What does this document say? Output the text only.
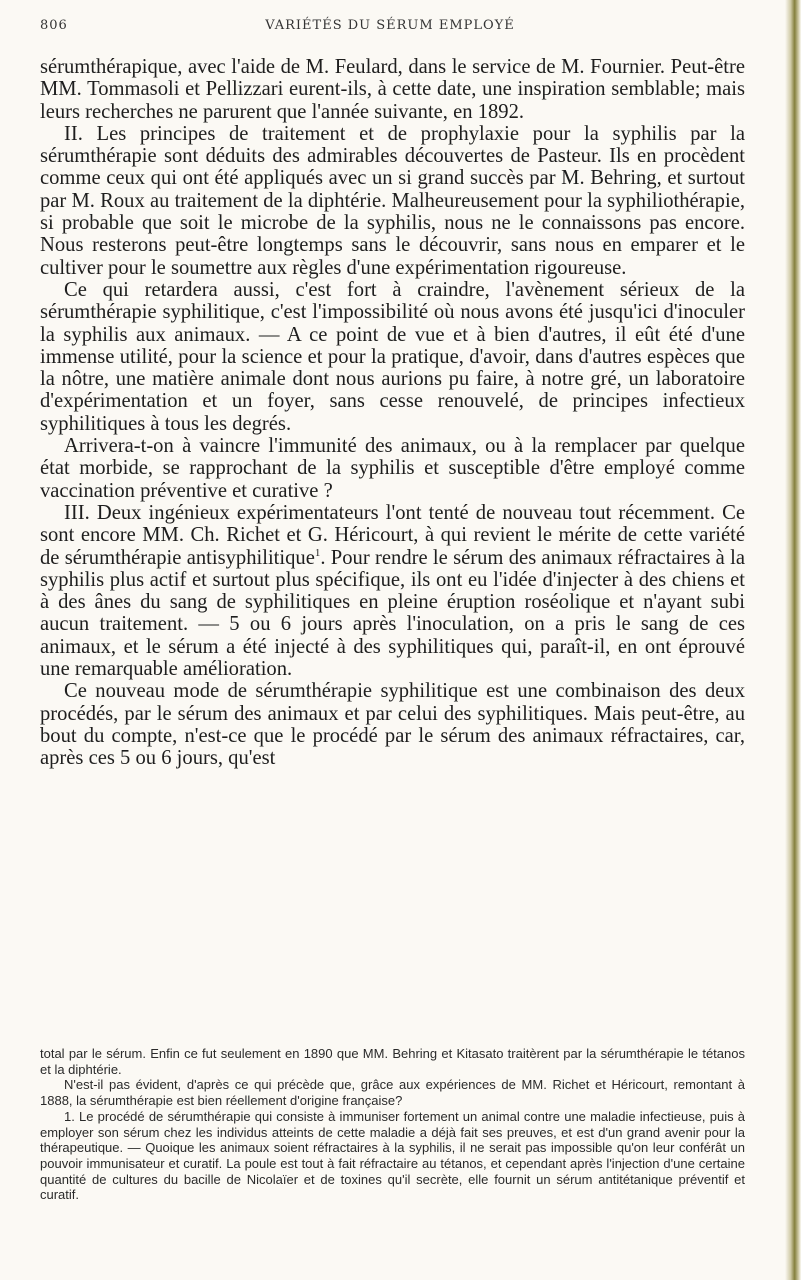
806	VARIÉTÉS DU SÉRUM EMPLOYÉ

sérumthérapique, avec l'aide de M. Feulard, dans le service de M. Fournier. Peut-être MM. Tommasoli et Pellizzari eurent-ils, à cette date, une inspiration semblable; mais leurs recherches ne parurent que l'année suivante, en 1892.

II. Les principes de traitement et de prophylaxie pour la syphilis par la sérumthérapie sont déduits des admirables découvertes de Pasteur. Ils en procèdent comme ceux qui ont été appliqués avec un si grand succès par M. Behring, et surtout par M. Roux au traitement de la diphtérie. Malheureusement pour la syphiliothérapie, si probable que soit le microbe de la syphilis, nous ne le connaissons pas encore. Nous resterons peut-être longtemps sans le découvrir, sans nous en emparer et le cultiver pour le soumettre aux règles d'une expérimentation rigoureuse.

Ce qui retardera aussi, c'est fort à craindre, l'avènement sérieux de la sérumthérapie syphilitique, c'est l'impossibilité où nous avons été jusqu'ici d'inoculer la syphilis aux animaux. — A ce point de vue et à bien d'autres, il eût été d'une immense utilité, pour la science et pour la pratique, d'avoir, dans d'autres espèces que la nôtre, une matière animale dont nous aurions pu faire, à notre gré, un laboratoire d'expérimentation et un foyer, sans cesse renouvelé, de principes infectieux syphilitiques à tous les degrés.

Arrivera-t-on à vaincre l'immunité des animaux, ou à la remplacer par quelque état morbide, se rapprochant de la syphilis et susceptible d'être employé comme vaccination préventive et curative ?

III. Deux ingénieux expérimentateurs l'ont tenté de nouveau tout récemment. Ce sont encore MM. Ch. Richet et G. Héricourt, à qui revient le mérite de cette variété de sérumthérapie antisyphilitique$^1$. Pour rendre le sérum des animaux réfractaires à la syphilis plus actif et surtout plus spécifique, ils ont eu l'idée d'injecter à des chiens et à des ânes du sang de syphilitiques en pleine éruption roséolique et n'ayant subi aucun traitement. — 5 ou 6 jours après l'inoculation, on a pris le sang de ces animaux, et le sérum a été injecté à des syphilitiques qui, paraît-il, en ont éprouvé une remarquable amélioration.

Ce nouveau mode de sérumthérapie syphilitique est une combinaison des deux procédés, par le sérum des animaux et par celui des syphilitiques. Mais peut-être, au bout du compte, n'est-ce que le procédé par le sérum des animaux réfractaires, car, après ces 5 ou 6 jours, qu'est

total par le sérum. Enfin ce fut seulement en 1890 que MM. Behring et Kitasato traitèrent par la sérumthérapie le tétanos et la diphtérie.

N'est-il pas évident, d'après ce qui précède que, grâce aux expériences de MM. Richet et Héricourt, remontant à 1888, la sérumthérapie est bien réellement d'origine française?

1. Le procédé de sérumthérapie qui consiste à immuniser fortement un animal contre une maladie infectieuse, puis à employer son sérum chez les individus atteints de cette maladie a déjà fait ses preuves, et est d'un grand avenir pour la thérapeutique. — Quoique les animaux soient réfractaires à la syphilis, il ne serait pas impossible qu'on leur conférât un pouvoir immunisateur et curatif. La poule est tout à fait réfractaire au tétanos, et cependant après l'injection d'une certaine quantité de cultures du bacille de Nicolaïer et de toxines qu'il secrète, elle fournit un sérum antitétanique préventif et curatif.
